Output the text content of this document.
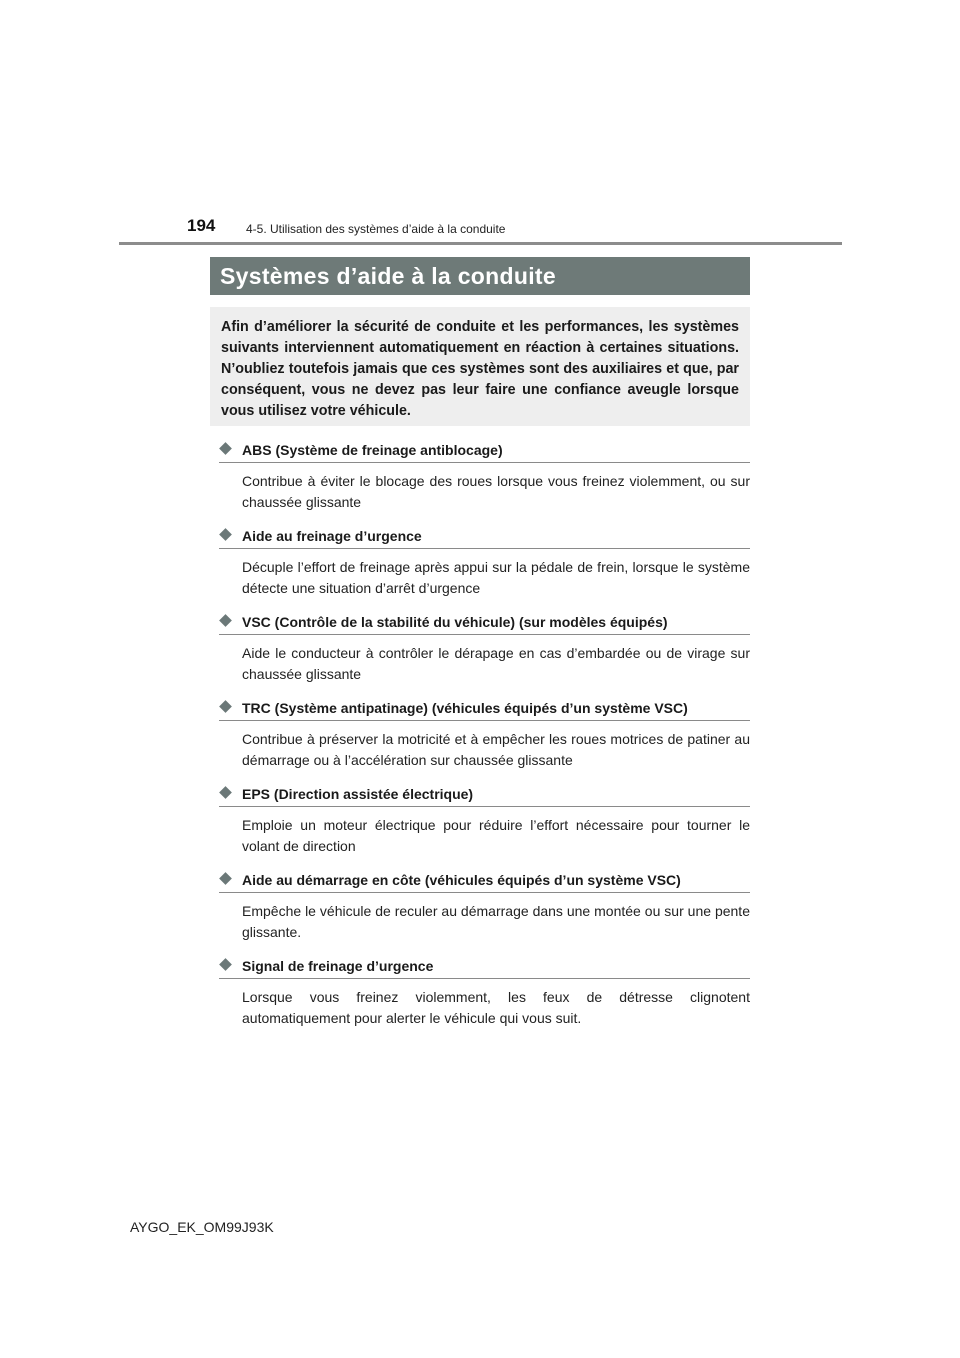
194	4-5. Utilisation des systèmes d’aide à la conduite
Systèmes d’aide à la conduite

Afin d’améliorer la sécurité de conduite et les performances, les systèmes suivants interviennent automatiquement en réaction à certaines situations. N’oubliez toutefois jamais que ces systèmes sont des auxiliaires et que, par conséquent, vous ne devez pas leur faire une confiance aveugle lorsque vous utilisez votre véhicule.

ABS (Système de freinage antiblocage)

Contribue à éviter le blocage des roues lorsque vous freinez violemment, ou sur chaussée glissante

Aide au freinage d’urgence

Décuple l’effort de freinage après appui sur la pédale de frein, lorsque le système détecte une situation d’arrêt d’urgence

VSC (Contrôle de la stabilité du véhicule) (sur modèles équipés)

Aide le conducteur à contrôler le dérapage en cas d’embardée ou de virage sur chaussée glissante

TRC (Système antipatinage) (véhicules équipés d’un système VSC)

Contribue à préserver la motricité et à empêcher les roues motrices de patiner au démarrage ou à l’accélération sur chaussée glissante

EPS (Direction assistée électrique)

Emploie un moteur électrique pour réduire l’effort nécessaire pour tourner le volant de direction

Aide au démarrage en côte (véhicules équipés d’un système VSC)

Empêche le véhicule de reculer au démarrage dans une montée ou sur une pente glissante.

Signal de freinage d’urgence

Lorsque vous freinez violemment, les feux de détresse clignotent automatiquement pour alerter le véhicule qui vous suit.

AYGO_EK_OM99J93K
